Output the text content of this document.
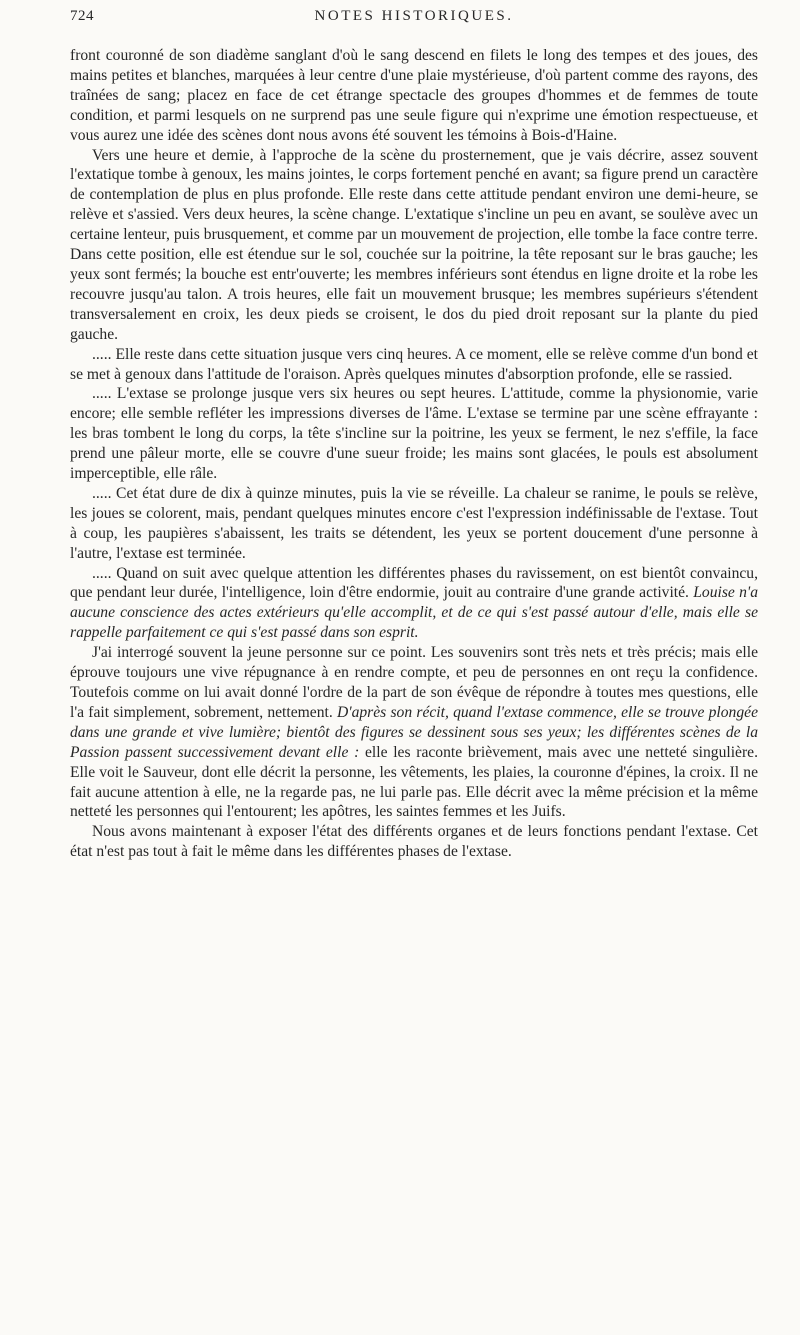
724	NOTES HISTORIQUES.

front couronné de son diadème sanglant d'où le sang descend en filets le long des tempes et des joues, des mains petites et blanches, marquées à leur centre d'une plaie mystérieuse, d'où partent comme des rayons, des traînées de sang; placez en face de cet étrange spectacle des groupes d'hommes et de femmes de toute condition, et parmi lesquels on ne surprend pas une seule figure qui n'exprime une émotion respectueuse, et vous aurez une idée des scènes dont nous avons été souvent les témoins à Bois-d'Haine.

Vers une heure et demie, à l'approche de la scène du prosternement, que je vais décrire, assez souvent l'extatique tombe à genoux, les mains jointes, le corps fortement penché en avant; sa figure prend un caractère de contemplation de plus en plus profonde. Elle reste dans cette attitude pendant environ une demi-heure, se relève et s'assied. Vers deux heures, la scène change. L'extatique s'incline un peu en avant, se soulève avec un certaine lenteur, puis brusquement, et comme par un mouvement de projection, elle tombe la face contre terre. Dans cette position, elle est étendue sur le sol, couchée sur la poitrine, la tête reposant sur le bras gauche; les yeux sont fermés; la bouche est entr'ouverte; les membres inférieurs sont étendus en ligne droite et la robe les recouvre jusqu'au talon. A trois heures, elle fait un mouvement brusque; les membres supérieurs s'étendent transversalement en croix, les deux pieds se croisent, le dos du pied droit reposant sur la plante du pied gauche.

..... Elle reste dans cette situation jusque vers cinq heures. A ce moment, elle se relève comme d'un bond et se met à genoux dans l'attitude de l'oraison. Après quelques minutes d'absorption profonde, elle se rassied.

..... L'extase se prolonge jusque vers six heures ou sept heures. L'attitude, comme la physionomie, varie encore; elle semble refléter les impressions diverses de l'âme. L'extase se termine par une scène effrayante : les bras tombent le long du corps, la tête s'incline sur la poitrine, les yeux se ferment, le nez s'effile, la face prend une pâleur morte, elle se couvre d'une sueur froide; les mains sont glacées, le pouls est absolument imperceptible, elle râle.

..... Cet état dure de dix à quinze minutes, puis la vie se réveille. La chaleur se ranime, le pouls se relève, les joues se colorent, mais, pendant quelques minutes encore c'est l'expression indéfinissable de l'extase. Tout à coup, les paupières s'abaissent, les traits se détendent, les yeux se portent doucement d'une personne à l'autre, l'extase est terminée.

..... Quand on suit avec quelque attention les différentes phases du ravissement, on est bientôt convaincu, que pendant leur durée, l'intelligence, loin d'être endormie, jouit au contraire d'une grande activité. Louise n'a aucune conscience des actes extérieurs qu'elle accomplit, et de ce qui s'est passé autour d'elle, mais elle se rappelle parfaitement ce qui s'est passé dans son esprit.

J'ai interrogé souvent la jeune personne sur ce point. Les souvenirs sont très nets et très précis; mais elle éprouve toujours une vive répugnance à en rendre compte, et peu de personnes en ont reçu la confidence. Toutefois comme on lui avait donné l'ordre de la part de son évêque de répondre à toutes mes questions, elle l'a fait simplement, sobrement, nettement. D'après son récit, quand l'extase commence, elle se trouve plongée dans une grande et vive lumière; bientôt des figures se dessinent sous ses yeux; les différentes scènes de la Passion passent successivement devant elle : elle les raconte brièvement, mais avec une netteté singulière. Elle voit le Sauveur, dont elle décrit la personne, les vêtements, les plaies, la couronne d'épines, la croix. Il ne fait aucune attention à elle, ne la regarde pas, ne lui parle pas. Elle décrit avec la même précision et la même netteté les personnes qui l'entourent; les apôtres, les saintes femmes et les Juifs.

Nous avons maintenant à exposer l'état des différents organes et de leurs fonctions pendant l'extase. Cet état n'est pas tout à fait le même dans les différentes phases de l'extase.
